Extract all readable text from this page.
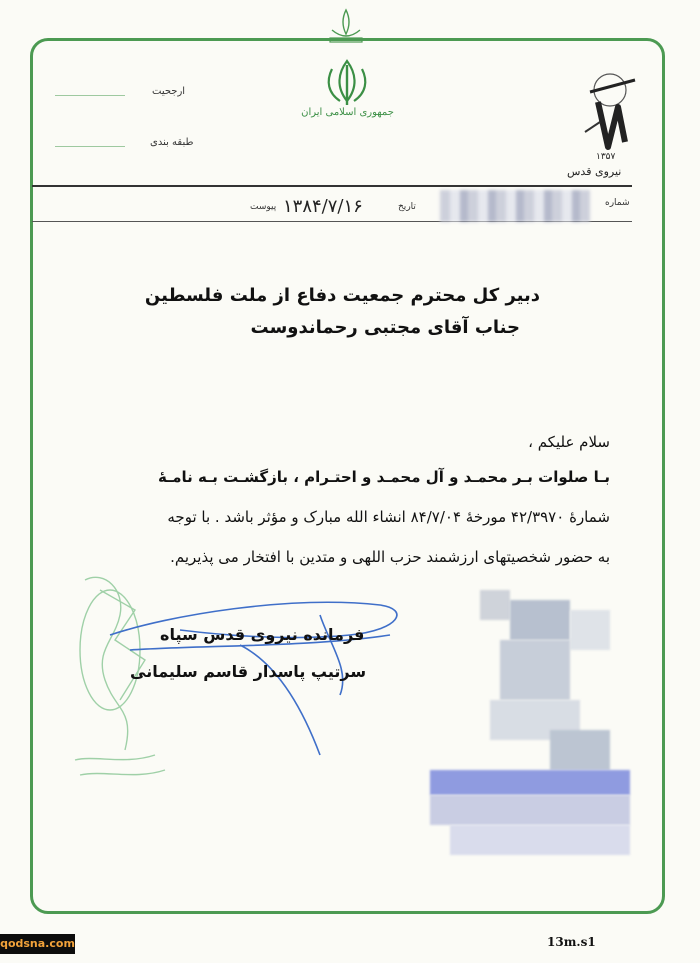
جمهوری اسلامی ایران
۱۳۵۷
نیروی قدس
ارجحیت
طبقه بندی
شماره
تاریخ
۱۳۸۴/۷/۱۶
پیوست
دبیر کل محترم جمعیت دفاع از ملت فلسطین
جناب آقای مجتبی رحماندوست
سلام علیکم ،
بـا صلوات بـر محمـد و آل محمـد و احتـرام ، بازگشـت بـه نامـهٔ
شمارهٔ ۴۲/۳۹۷۰ مورخهٔ ۸۴/۷/۰۴ انشاء الله مبارک و مؤثر باشد . با توجه
به حضور شخصیتهای ارزشمند حزب اللهی و متدین با افتخار می پذیریم.
فرمانده نیروی قدس سپاه
سرتیپ پاسدار قاسم سلیمانی
qodsna.com	13m.s1
